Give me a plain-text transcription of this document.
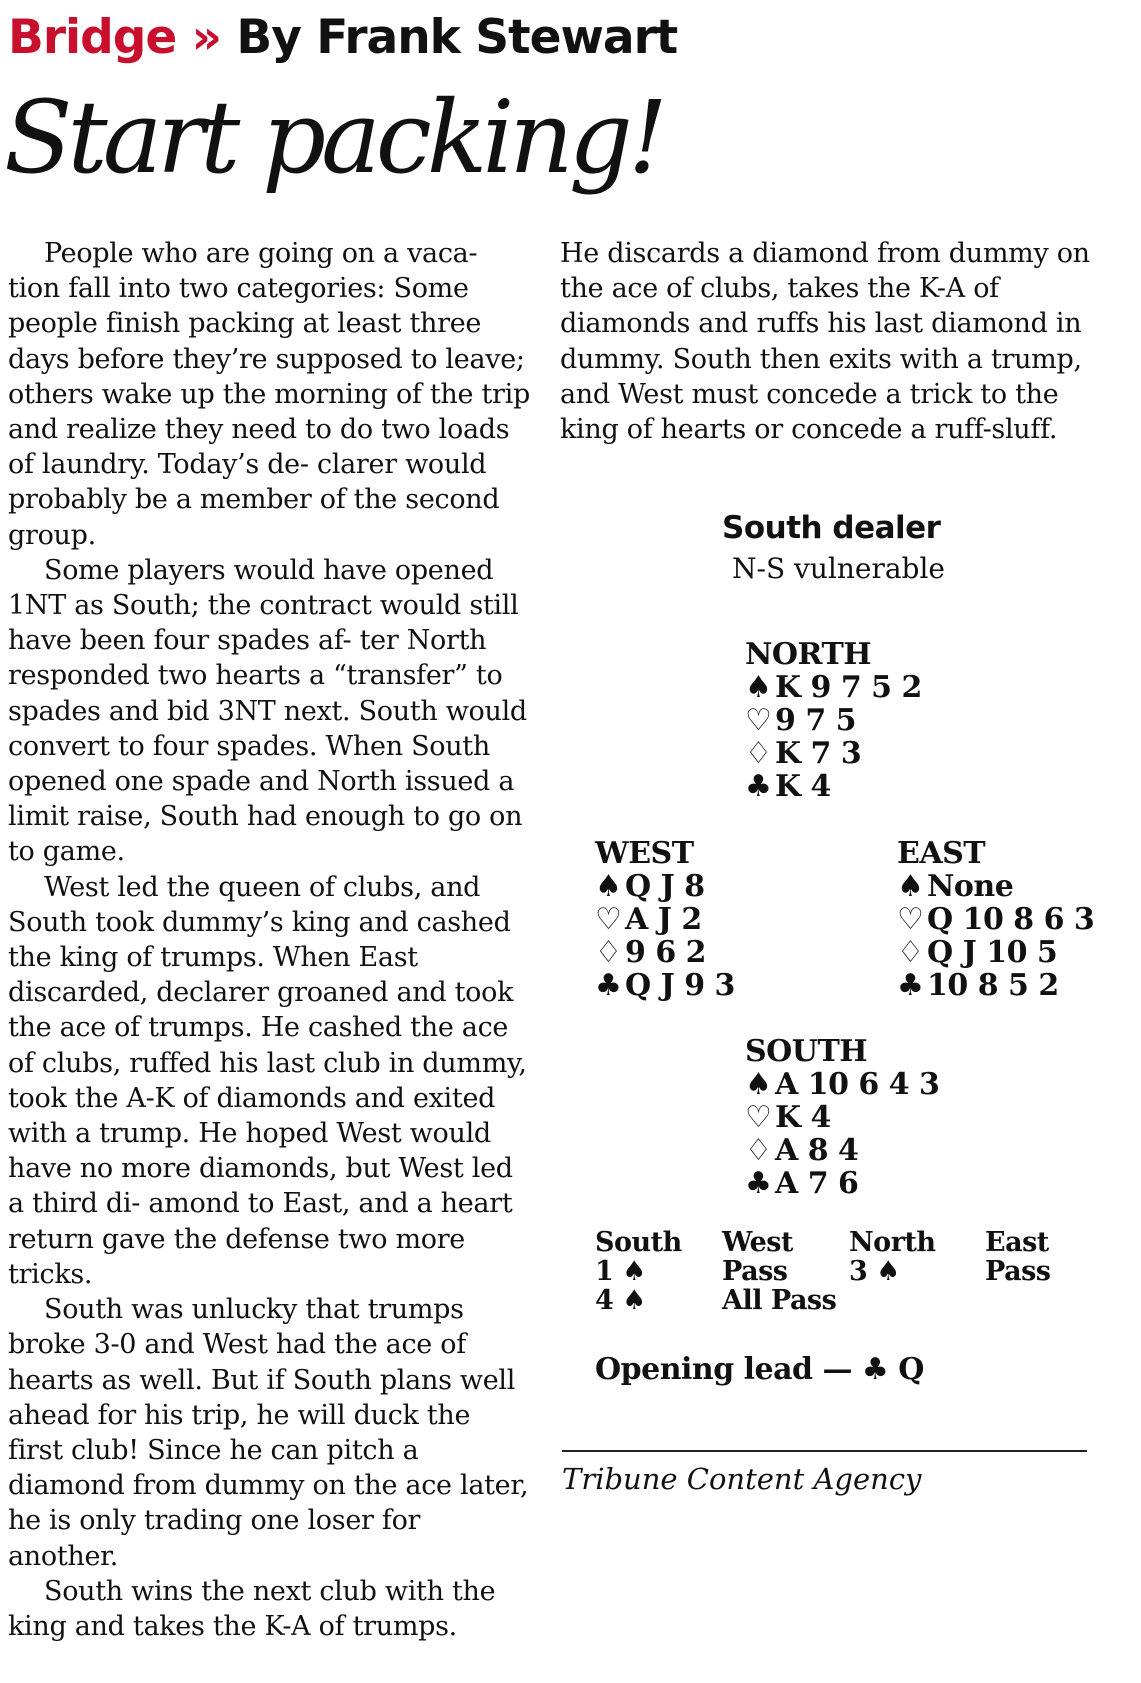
Bridge » By Frank Stewart
Start packing!

People who are going on a vaca- tion fall into two categories: Some people finish packing at least three days before they’re supposed to leave; others wake up the morning of the trip and realize they need to do two loads of laundry. Today’s de- clarer would probably be a member of the second group.

Some players would have opened 1NT as South; the contract would still have been four spades af- ter North responded two hearts a “transfer” to spades and bid 3NT next. South would convert to four spades. When South opened one spade and North issued a limit raise, South had enough to go on to game.

West led the queen of clubs, and South took dummy’s king and cashed the king of trumps. When East discarded, declarer groaned and took the ace of trumps. He cashed the ace of clubs, ruffed his last club in dummy, took the A-K of diamonds and exited with a trump. He hoped West would have no more diamonds, but West led a third di- amond to East, and a heart return gave the defense two more tricks.

South was unlucky that trumps broke 3-0 and West had the ace of hearts as well. But if South plans well ahead for his trip, he will duck the first club! Since he can pitch a diamond from dummy on the ace later, he is only trading one loser for another.

South wins the next club with the king and takes the K-A of trumps.

He discards a diamond from dummy on the ace of clubs, takes the K-A of diamonds and ruffs his last diamond in dummy. South then exits with a trump, and West must concede a trick to the king of hearts or concede a ruff-sluff.

South dealer
N-S vulnerable
NORTH
♠ K 9 7 5 2
♡ 9 7 5
♢ K 7 3
♣ K 4
WEST
♠ Q J 8
♡ A J 2
♢ 9 6 2
♣ Q J 9 3
EAST
♠ None
♡ Q 10 8 6 3
♢ Q J 10 5
♣ 10 8 5 2
SOUTH
♠ A 10 6 4 3
♡ K 4
♢ A 8 4
♣ A 7 6
South
1 ♠
4 ♠
West
Pass
All Pass
North
3 ♠
East
Pass
Opening lead — ♣ Q
Tribune Content Agency
